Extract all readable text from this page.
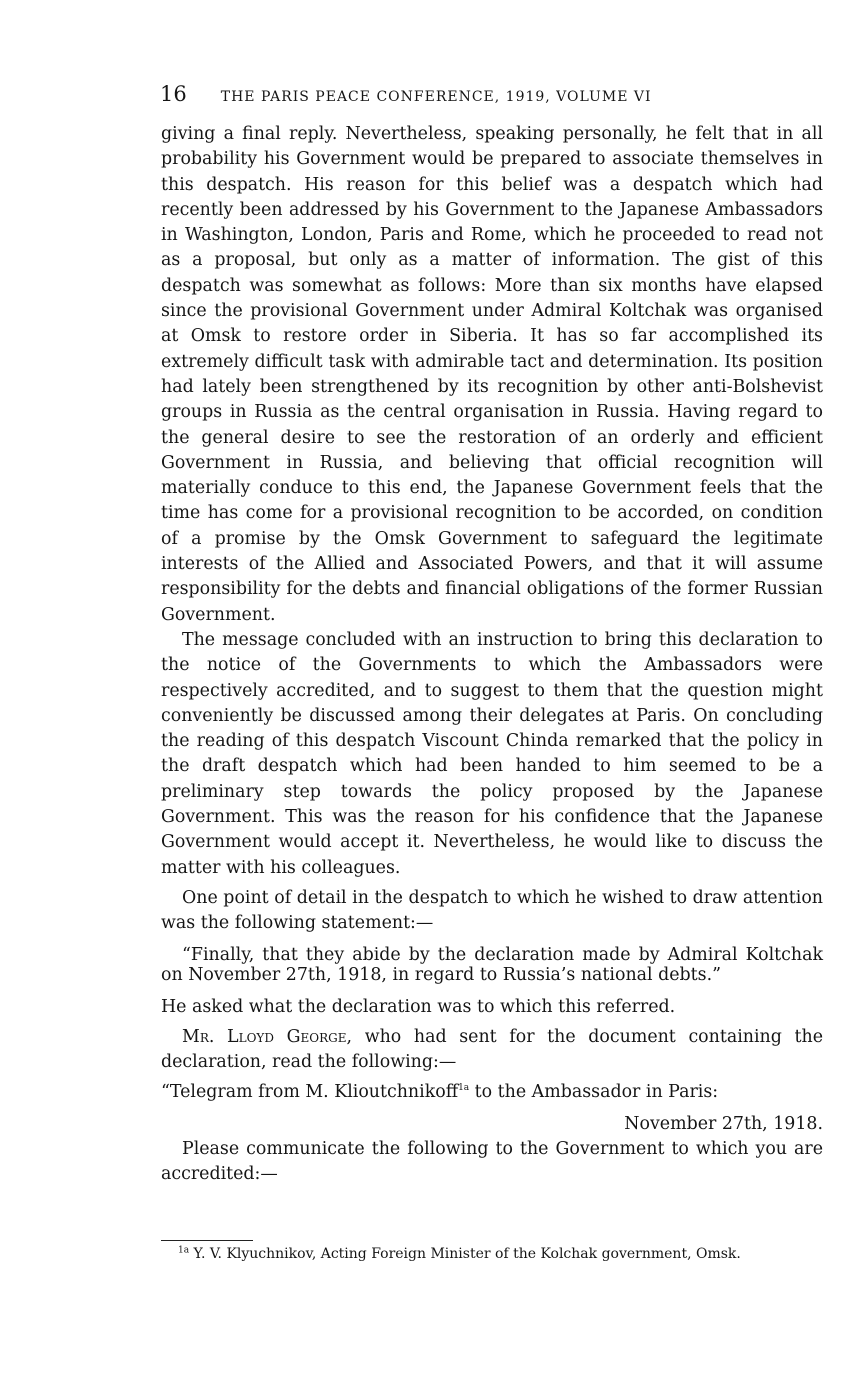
16 THE PARIS PEACE CONFERENCE, 1919, VOLUME VI

giving a final reply. Nevertheless, speaking personally, he felt that in all probability his Government would be prepared to associate themselves in this despatch. His reason for this belief was a despatch which had recently been addressed by his Government to the Japanese Ambassadors in Washington, London, Paris and Rome, which he proceeded to read not as a proposal, but only as a matter of information. The gist of this despatch was somewhat as follows: More than six months have elapsed since the provisional Government under Admiral Koltchak was organised at Omsk to restore order in Siberia. It has so far accomplished its extremely difficult task with admirable tact and determination. Its position had lately been strengthened by its recognition by other anti-Bolshevist groups in Russia as the central organisation in Russia. Having regard to the general desire to see the restoration of an orderly and efficient Government in Russia, and believing that official recognition will materially conduce to this end, the Japanese Government feels that the time has come for a provisional recognition to be accorded, on condition of a promise by the Omsk Government to safeguard the legitimate interests of the Allied and Associated Powers, and that it will assume responsibility for the debts and financial obligations of the former Russian Government.

The message concluded with an instruction to bring this declaration to the notice of the Governments to which the Ambassadors were respectively accredited, and to suggest to them that the question might conveniently be discussed among their delegates at Paris. On concluding the reading of this despatch Viscount Chinda remarked that the policy in the draft despatch which had been handed to him seemed to be a preliminary step towards the policy proposed by the Japanese Government. This was the reason for his confidence that the Japanese Government would accept it. Nevertheless, he would like to discuss the matter with his colleagues.

One point of detail in the despatch to which he wished to draw attention was the following statement:—

“Finally, that they abide by the declaration made by Admiral Koltchak on November 27th, 1918, in regard to Russia’s national debts.”

He asked what the declaration was to which this referred.

Mr. Lloyd George, who had sent for the document containing the declaration, read the following:—

“Telegram from M. Klioutchnikoff$^{1a}$ to the Ambassador in Paris:

November 27th, 1918.

Please communicate the following to the Government to which you are accredited:—

$^{1a}$ Y. V. Klyuchnikov, Acting Foreign Minister of the Kolchak government, Omsk.
